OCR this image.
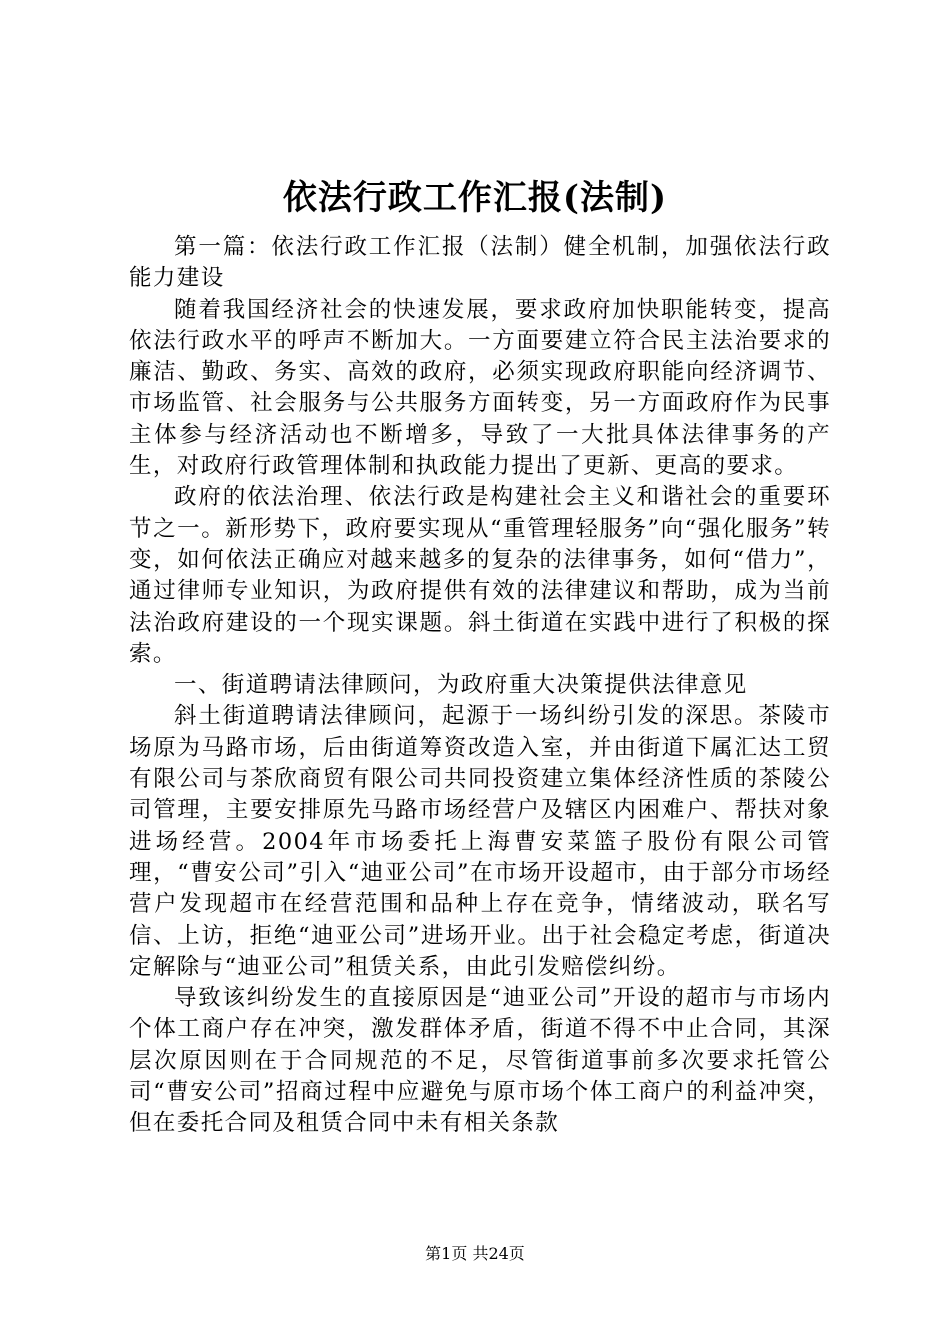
依法行政工作汇报(法制)

第一篇：依法行政工作汇报（法制）健全机制，加强依法行政能力建设

随着我国经济社会的快速发展，要求政府加快职能转变，提高依法行政水平的呼声不断加大。一方面要建立符合民主法治要求的廉洁、勤政、务实、高效的政府，必须实现政府职能向经济调节、市场监管、社会服务与公共服务方面转变，另一方面政府作为民事主体参与经济活动也不断增多，导致了一大批具体法律事务的产生，对政府行政管理体制和执政能力提出了更新、更高的要求。

政府的依法治理、依法行政是构建社会主义和谐社会的重要环节之一。新形势下，政府要实现从“重管理轻服务”向“强化服务”转变，如何依法正确应对越来越多的复杂的法律事务，如何“借力”，通过律师专业知识，为政府提供有效的法律建议和帮助，成为当前法治政府建设的一个现实课题。斜土街道在实践中进行了积极的探索。

一、街道聘请法律顾问，为政府重大决策提供法律意见

斜土街道聘请法律顾问，起源于一场纠纷引发的深思。茶陵市场原为马路市场，后由街道筹资改造入室，并由街道下属汇达工贸有限公司与茶欣商贸有限公司共同投资建立集体经济性质的茶陵公司管理，主要安排原先马路市场经营户及辖区内困难户、帮扶对象进场经营。2004年市场委托上海曹安菜篮子股份有限公司管理，“曹安公司”引入“迪亚公司”在市场开设超市，由于部分市场经营户发现超市在经营范围和品种上存在竞争，情绪波动，联名写信、上访，拒绝“迪亚公司”进场开业。出于社会稳定考虑，街道决定解除与“迪亚公司”租赁关系，由此引发赔偿纠纷。

导致该纠纷发生的直接原因是“迪亚公司”开设的超市与市场内个体工商户存在冲突，激发群体矛盾，街道不得不中止合同，其深层次原因则在于合同规范的不足，尽管街道事前多次要求托管公司“曹安公司”招商过程中应避免与原市场个体工商户的利益冲突，但在委托合同及租赁合同中未有相关条款

第1页 共24页
